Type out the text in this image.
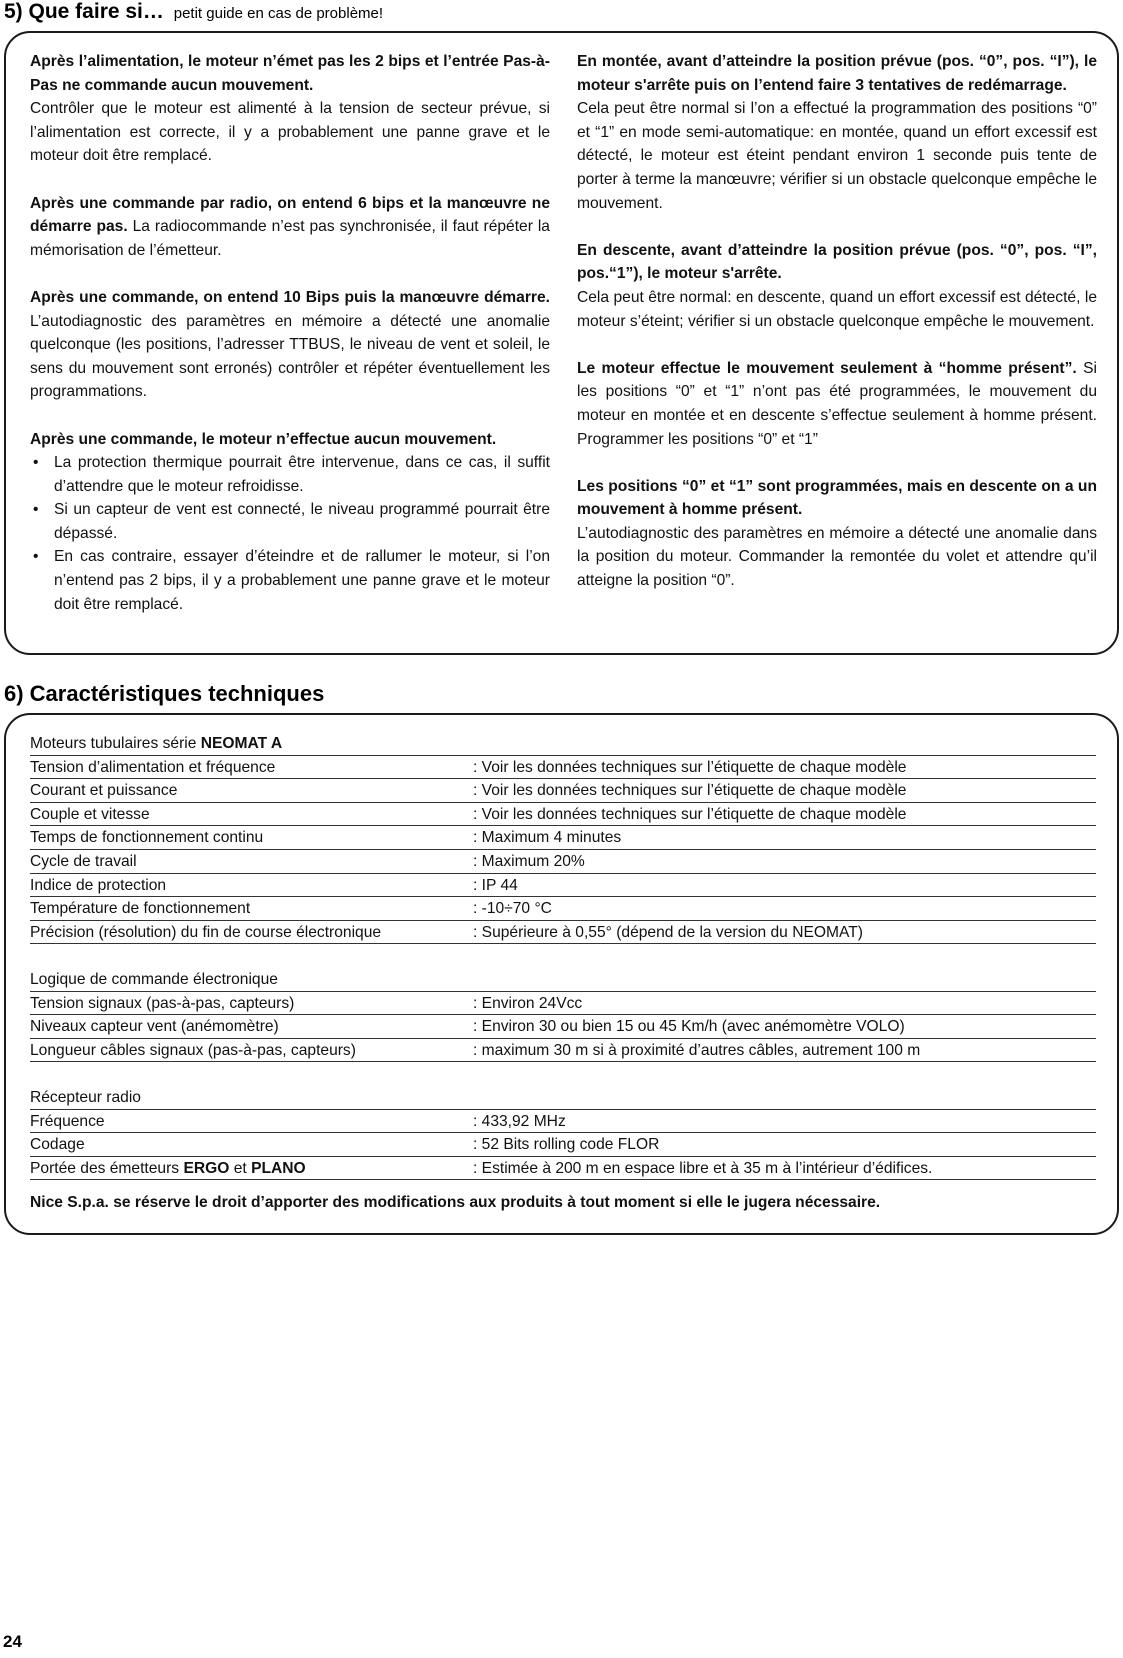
5) Que faire si… petit guide en cas de problème!

Après l’alimentation, le moteur n’émet pas les 2 bips et l’entrée Pas-à-Pas ne commande aucun mouvement.
Contrôler que le moteur est alimenté à la tension de secteur prévue, si l’alimentation est correcte, il y a probablement une panne grave et le moteur doit être remplacé.

Après une commande par radio, on entend 6 bips et la manœuvre ne démarre pas. La radiocommande n’est pas synchronisée, il faut répéter la mémorisation de l’émetteur.

Après une commande, on entend 10 Bips puis la manœuvre démarre. L’autodiagnostic des paramètres en mémoire a détecté une anomalie quelconque (les positions, l’adresser TTBUS, le niveau de vent et soleil, le sens du mouvement sont erronés) contrôler et répéter éventuellement les programmations.

Après une commande, le moteur n’effectue aucun mouvement.
• La protection thermique pourrait être intervenue, dans ce cas, il suffit d’attendre que le moteur refroidisse.
• Si un capteur de vent est connecté, le niveau programmé pourrait être dépassé.
• En cas contraire, essayer d’éteindre et de rallumer le moteur, si l’on n’entend pas 2 bips, il y a probablement une panne grave et le moteur doit être remplacé.

En montée, avant d’atteindre la position prévue (pos. “0”, pos. “I”), le moteur s'arrête puis on l’entend faire 3 tentatives de redémarrage.
Cela peut être normal si l’on a effectué la programmation des positions “0” et “1” en mode semi-automatique: en montée, quand un effort excessif est détecté, le moteur est éteint pendant environ 1 seconde puis tente de porter à terme la manœuvre; vérifier si un obstacle quelconque empêche le mouvement.

En descente, avant d’atteindre la position prévue (pos. “0”, pos. “I”, pos.“1”), le moteur s'arrête.
Cela peut être normal: en descente, quand un effort excessif est détecté, le moteur s’éteint; vérifier si un obstacle quelconque empêche le mouvement.

Le moteur effectue le mouvement seulement à “homme présent”. Si les positions “0” et “1” n’ont pas été programmées, le mouvement du moteur en montée et en descente s’effectue seulement à homme présent. Programmer les positions “0” et “1”

Les positions “0” et “1” sont programmées, mais en descente on a un mouvement à homme présent.
L’autodiagnostic des paramètres en mémoire a détecté une anomalie dans la position du moteur. Commander la remontée du volet et attendre qu’il atteigne la position “0”.

6) Caractéristiques techniques
Moteurs tubulaires série NEOMAT A
Tension d’alimentation et fréquence	: Voir les données techniques sur l’étiquette de chaque modèle
Courant et puissance	: Voir les données techniques sur l’étiquette de chaque modèle
Couple et vitesse	: Voir les données techniques sur l’étiquette de chaque modèle
Temps de fonctionnement continu	: Maximum 4 minutes
Cycle de travail	: Maximum 20%
Indice de protection	: IP 44
Température de fonctionnement	: -10÷70 °C
Précision (résolution) du fin de course électronique	: Supérieure à 0,55° (dépend de la version du NEOMAT)
Logique de commande électronique
Tension signaux (pas-à-pas, capteurs)	: Environ 24Vcc
Niveaux capteur vent (anémomètre)	: Environ 30 ou bien 15 ou 45 Km/h (avec anémomètre VOLO)
Longueur câbles signaux (pas-à-pas, capteurs)	: maximum 30 m si à proximité d’autres câbles, autrement 100 m
Récepteur radio
Fréquence	: 433,92 MHz
Codage	: 52 Bits rolling code FLOR
Portée des émetteurs ERGO et PLANO	: Estimée à 200 m en espace libre et à 35 m à l’intérieur d’édifices.
Nice S.p.a. se réserve le droit d’apporter des modifications aux produits à tout moment si elle le jugera nécessaire.
24
